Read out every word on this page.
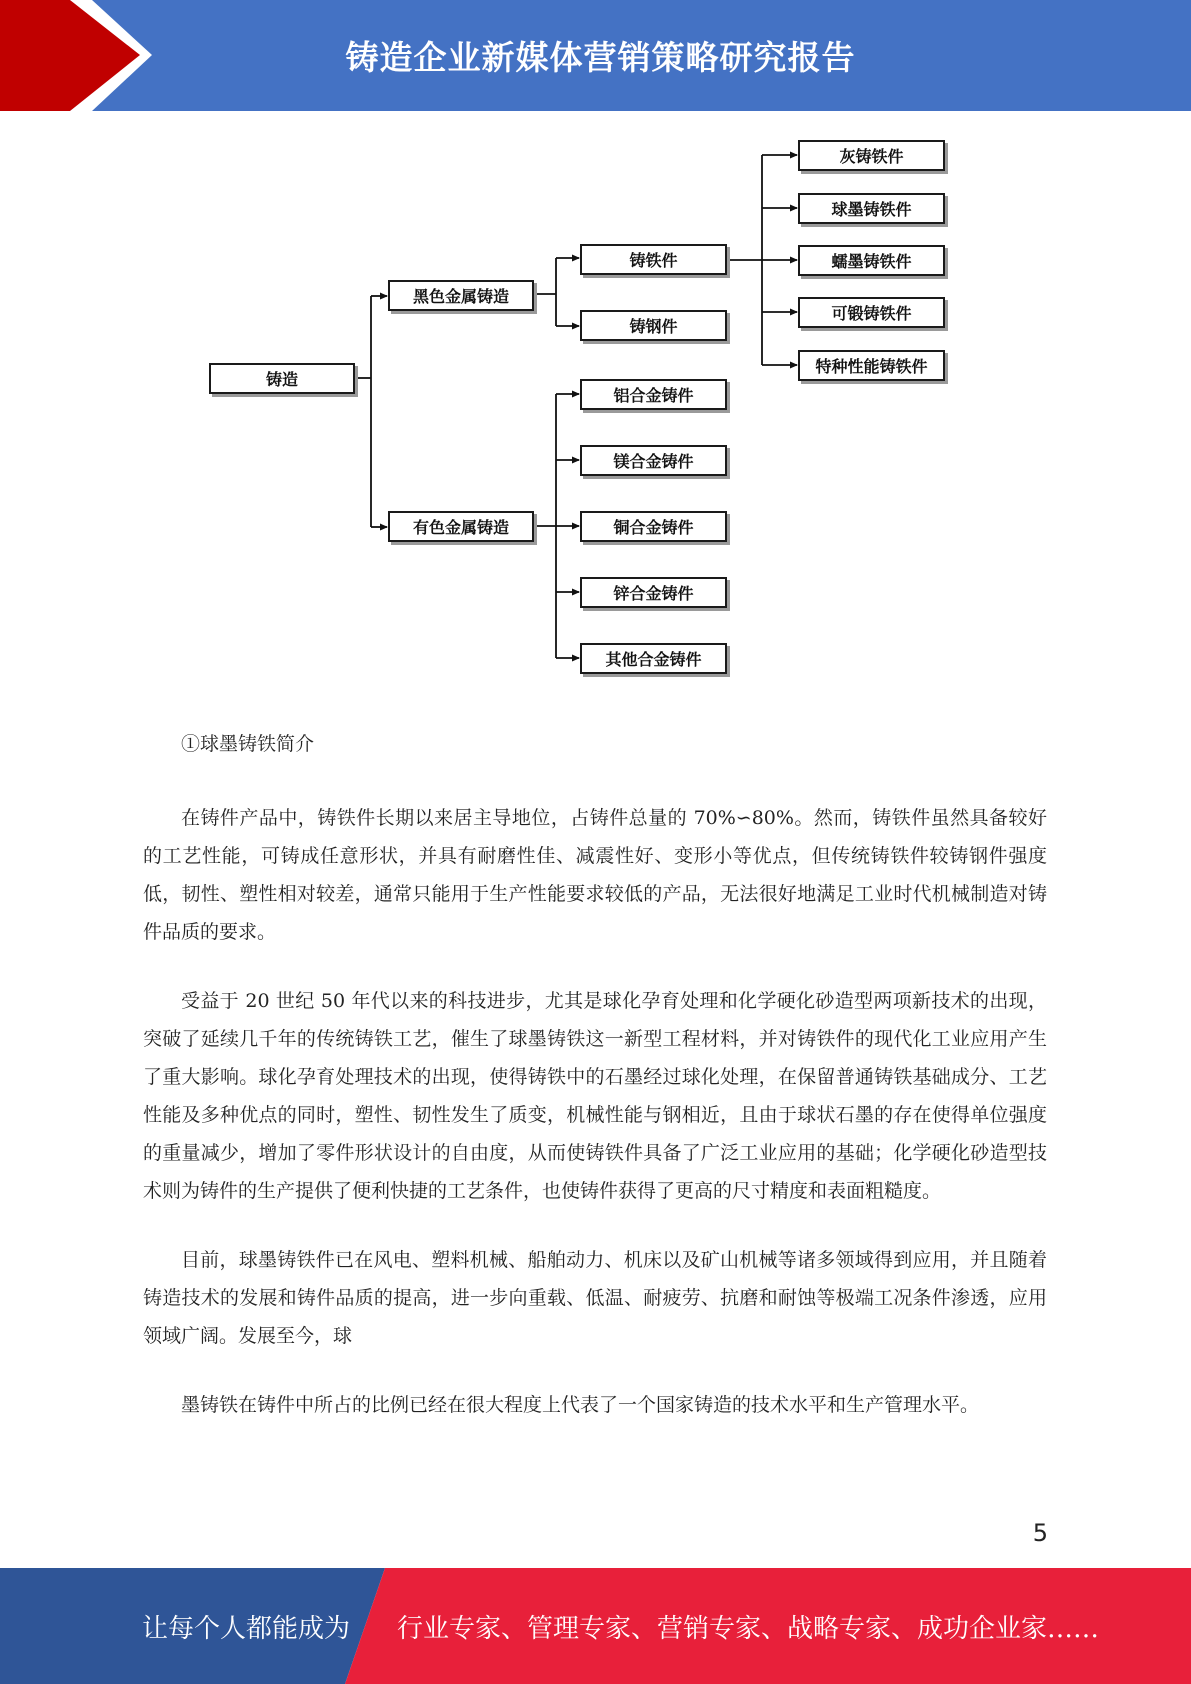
铸造企业新媒体营销策略研究报告
铸造
黑色金属铸造
有色金属铸造
铸铁件
铸钢件
灰铸铁件
球墨铸铁件
蠕墨铸铁件
可锻铸铁件
特种性能铸铁件
铝合金铸件
镁合金铸件
铜合金铸件
锌合金铸件
其他合金铸件

①球墨铸铁简介

在铸件产品中，铸铁件长期以来居主导地位，占铸件总量的 70%∽80%。然而，铸铁件虽然具备较好的工艺性能，可铸成任意形状，并具有耐磨性佳、减震性好、变形小等优点，但传统铸铁件较铸钢件强度低，韧性、塑性相对较差，通常只能用于生产性能要求较低的产品，无法很好地满足工业时代机械制造对铸件品质的要求。

受益于 20 世纪 50 年代以来的科技进步，尤其是球化孕育处理和化学硬化砂造型两项新技术的出现，突破了延续几千年的传统铸铁工艺，催生了球墨铸铁这一新型工程材料，并对铸铁件的现代化工业应用产生了重大影响。球化孕育处理技术的出现，使得铸铁中的石墨经过球化处理，在保留普通铸铁基础成分、工艺性能及多种优点的同时，塑性、韧性发生了质变，机械性能与钢相近，且由于球状石墨的存在使得单位强度的重量减少，增加了零件形状设计的自由度，从而使铸铁件具备了广泛工业应用的基础；化学硬化砂造型技术则为铸件的生产提供了便利快捷的工艺条件，也使铸件获得了更高的尺寸精度和表面粗糙度。

目前，球墨铸铁件已在风电、塑料机械、船舶动力、机床以及矿山机械等诸多领域得到应用，并且随着铸造技术的发展和铸件品质的提高，进一步向重载、低温、耐疲劳、抗磨和耐蚀等极端工况条件渗透，应用领域广阔。发展至今，球

墨铸铁在铸件中所占的比例已经在很大程度上代表了一个国家铸造的技术水平和生产管理水平。

5
让每个人都能成为 行业专家、管理专家、营销专家、战略专家、成功企业家……
